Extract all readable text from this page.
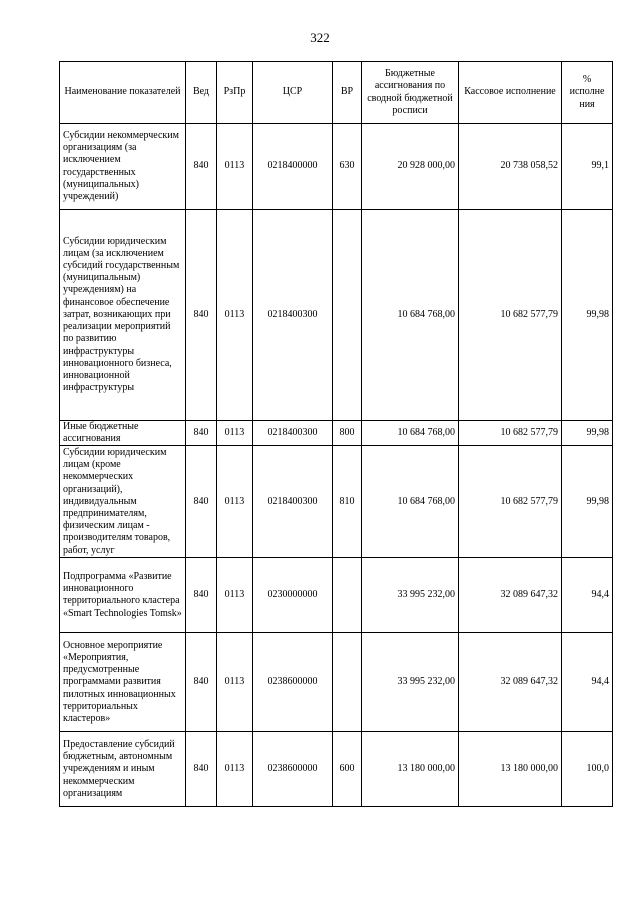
322
Наименование показателей	Вед	РзПр	ЦСР	ВР	Бюджетные ассигнования по сводной бюджетной росписи	Кассовое исполнение	% исполне ния
Субсидии некоммерческим организациям (за исключением государственных (муниципальных) учреждений)	840	0113	0218400000	630	20 928 000,00	20 738 058,52	99,1
Субсидии юридическим лицам (за исключением субсидий государственным (муниципальным) учреждениям) на финансовое обеспечение затрат, возникающих при реализации мероприятий по развитию инфраструктуры инновационного бизнеса, инновационной инфраструктуры	840	0113	0218400300		10 684 768,00	10 682 577,79	99,98
Иные бюджетные ассигнования	840	0113	0218400300	800	10 684 768,00	10 682 577,79	99,98
Субсидии юридическим лицам (кроме некоммерческих организаций), индивидуальным предпринимателям, физическим лицам - производителям товаров, работ, услуг	840	0113	0218400300	810	10 684 768,00	10 682 577,79	99,98
Подпрограмма «Развитие инновационного территориального кластера «Smart Technologies Tomsk»	840	0113	0230000000		33 995 232,00	32 089 647,32	94,4
Основное мероприятие «Мероприятия, предусмотренные программами развития пилотных инновационных территориальных кластеров»	840	0113	0238600000		33 995 232,00	32 089 647,32	94,4
Предоставление субсидий бюджетным, автономным учреждениям и иным некоммерческим организациям	840	0113	0238600000	600	13 180 000,00	13 180 000,00	100,0
